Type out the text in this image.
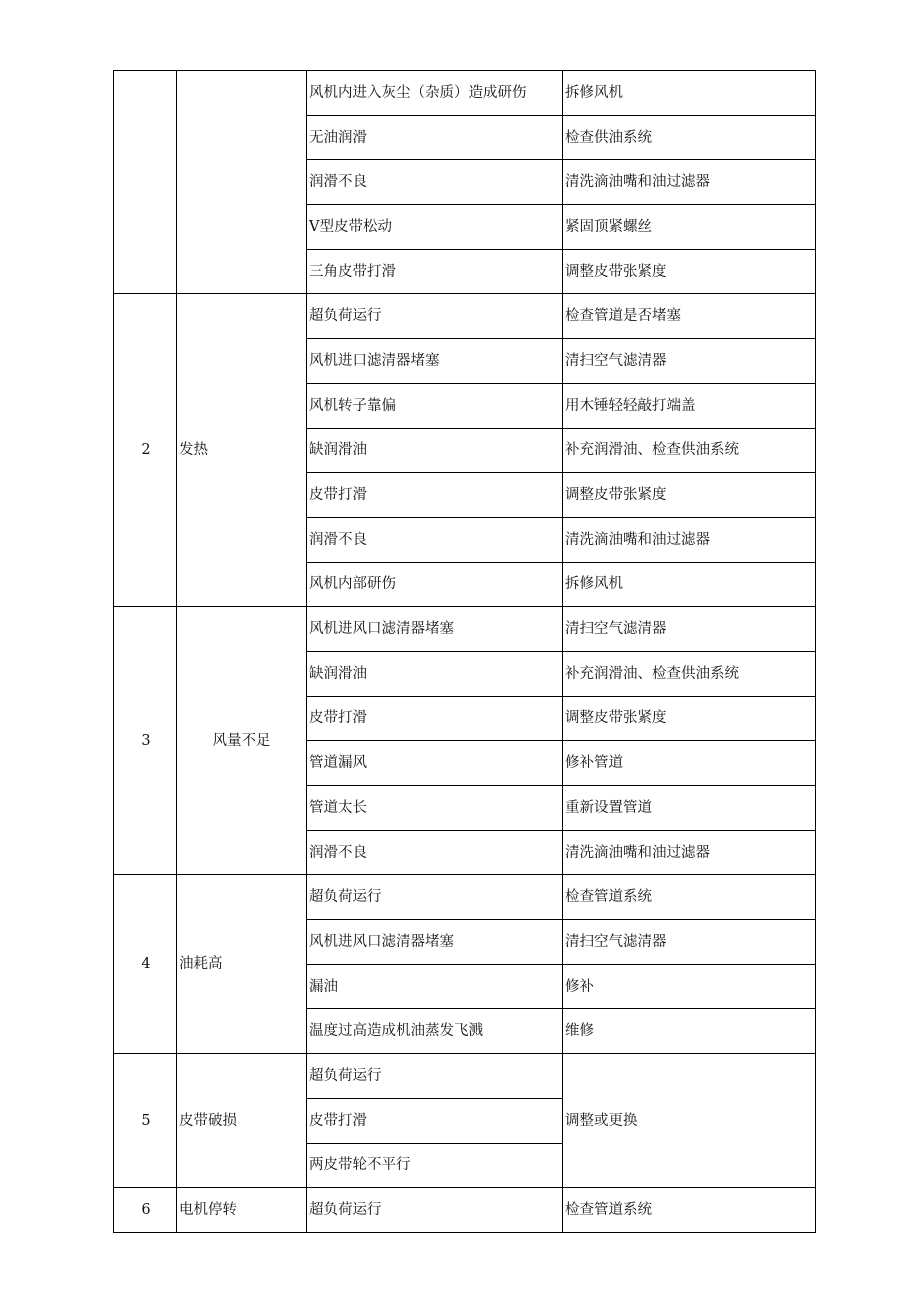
		风机内进入灰尘（杂质）造成研伤	拆修风机
		无油润滑	检查供油系统
		润滑不良	清洗滴油嘴和油过滤器
		V型皮带松动	紧固顶紧螺丝
		三角皮带打滑	调整皮带张紧度
2	发热	超负荷运行	检查管道是否堵塞
		风机进口滤清器堵塞	清扫空气滤清器
		风机转子靠偏	用木锤轻轻敲打端盖
		缺润滑油	补充润滑油、检查供油系统
		皮带打滑	调整皮带张紧度
		润滑不良	清洗滴油嘴和油过滤器
		风机内部研伤	拆修风机
3	风量不足	风机进风口滤清器堵塞	清扫空气滤清器
		缺润滑油	补充润滑油、检查供油系统
		皮带打滑	调整皮带张紧度
		管道漏风	修补管道
		管道太长	重新设置管道
		润滑不良	清洗滴油嘴和油过滤器
4	油耗高	超负荷运行	检查管道系统
		风机进风口滤清器堵塞	清扫空气滤清器
		漏油	修补
		温度过高造成机油蒸发飞溅	维修
5	皮带破损	超负荷运行	调整或更换
		皮带打滑	
		两皮带轮不平行	
6	电机停转	超负荷运行	检查管道系统
